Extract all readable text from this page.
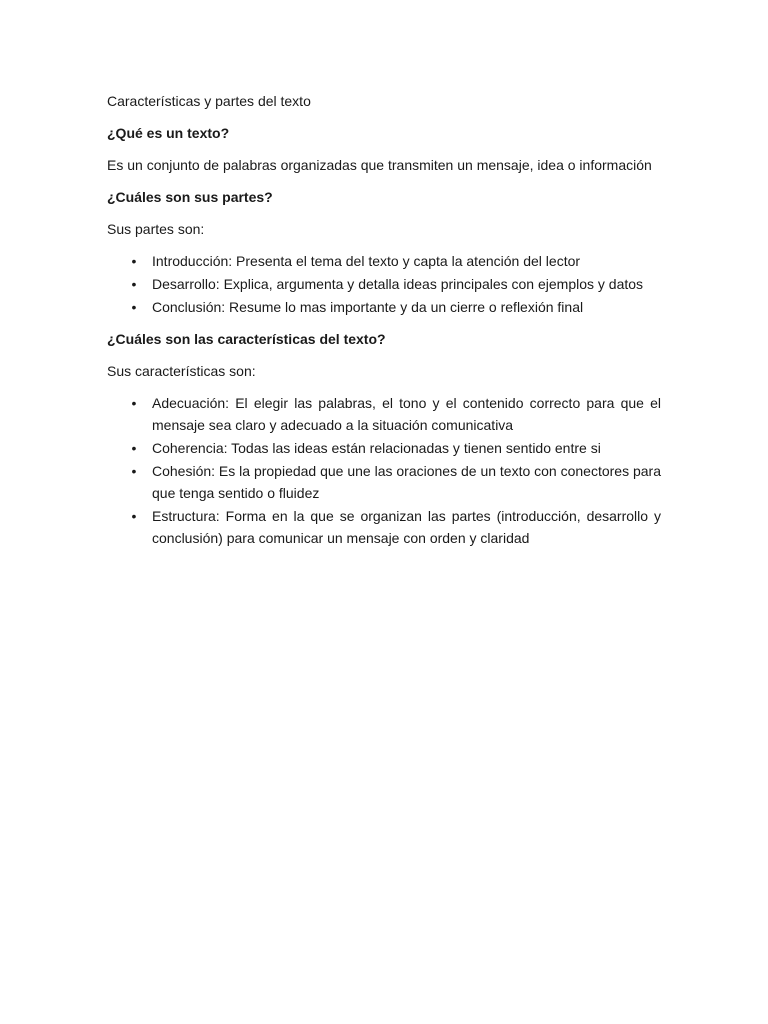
Características y partes del texto

¿Qué es un texto?

Es un conjunto de palabras organizadas que transmiten un mensaje, idea o información

¿Cuáles son sus partes?

Sus partes son:

• Introducción: Presenta el tema del texto y capta la atención del lector
• Desarrollo: Explica, argumenta y detalla ideas principales con ejemplos y datos
• Conclusión: Resume lo mas importante y da un cierre o reflexión final

¿Cuáles son las características del texto?

Sus características son:

• Adecuación: El elegir las palabras, el tono y el contenido correcto para que el mensaje sea claro y adecuado a la situación comunicativa
• Coherencia: Todas las ideas están relacionadas y tienen sentido entre si
• Cohesión: Es la propiedad que une las oraciones de un texto con conectores para que tenga sentido o fluidez
• Estructura: Forma en la que se organizan las partes (introducción, desarrollo y conclusión) para comunicar un mensaje con orden y claridad
